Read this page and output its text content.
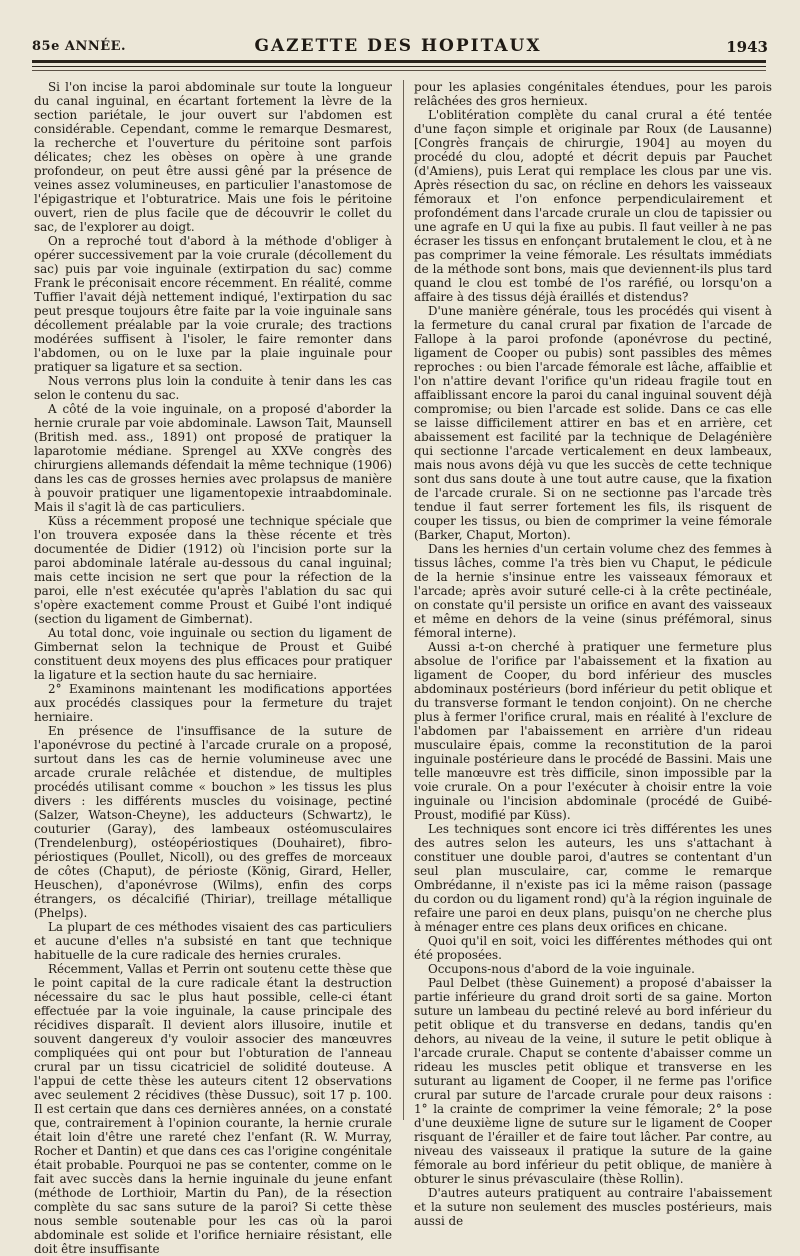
85e ANNÉE.	GAZETTE DES HOPITAUX	1943

Si l'on incise la paroi abdominale sur toute la longueur du canal inguinal, en écartant fortement la lèvre de la section pariétale, le jour ouvert sur l'abdomen est considérable. Cependant, comme le remarque Desmarest, la recherche et l'ouverture du péritoine sont parfois délicates; chez les obèses on opère à une grande profondeur, on peut être aussi gêné par la présence de veines assez volumineuses, en particulier l'anastomose de l'épigastrique et l'obturatrice. Mais une fois le péritoine ouvert, rien de plus facile que de découvrir le collet du sac, de l'explorer au doigt.

On a reproché tout d'abord à la méthode d'obliger à opérer successivement par la voie crurale (décollement du sac) puis par voie inguinale (extirpation du sac) comme Frank le préconisait encore récemment. En réalité, comme Tuffier l'avait déjà nettement indiqué, l'extirpation du sac peut presque toujours être faite par la voie inguinale sans décollement préalable par la voie crurale; des tractions modérées suffisent à l'isoler, le faire remonter dans l'abdomen, ou on le luxe par la plaie inguinale pour pratiquer sa ligature et sa section.

Nous verrons plus loin la conduite à tenir dans les cas selon le contenu du sac.

A côté de la voie inguinale, on a proposé d'aborder la hernie crurale par voie abdominale. Lawson Tait, Maunsell (British med. ass., 1891) ont proposé de pratiquer la laparotomie médiane. Sprengel au XXVe congrès des chirurgiens allemands défendait la même technique (1906) dans les cas de grosses hernies avec prolapsus de manière à pouvoir pratiquer une ligamentopexie intraabdominale. Mais il s'agit là de cas particuliers.

Küss a récemment proposé une technique spéciale que l'on trouvera exposée dans la thèse récente et très documentée de Didier (1912) où l'incision porte sur la paroi abdominale latérale au-dessous du canal inguinal; mais cette incision ne sert que pour la réfection de la paroi, elle n'est exécutée qu'après l'ablation du sac qui s'opère exactement comme Proust et Guibé l'ont indiqué (section du ligament de Gimbernat).

Au total donc, voie inguinale ou section du ligament de Gimbernat selon la technique de Proust et Guibé constituent deux moyens des plus efficaces pour pratiquer la ligature et la section haute du sac herniaire.

2° Examinons maintenant les modifications apportées aux procédés classiques pour la fermeture du trajet herniaire.

En présence de l'insuffisance de la suture de l'aponévrose du pectiné à l'arcade crurale on a proposé, surtout dans les cas de hernie volumineuse avec une arcade crurale relâchée et distendue, de multiples procédés utilisant comme « bouchon » les tissus les plus divers : les différents muscles du voisinage, pectiné (Salzer, Watson-Cheyne), les adducteurs (Schwartz), le couturier (Garay), des lambeaux ostéomusculaires (Trendelenburg), ostéopériostiques (Douhairet), fibro-périostiques (Poullet, Nicoll), ou des greffes de morceaux de côtes (Chaput), de périoste (König, Girard, Heller, Heuschen), d'aponévrose (Wilms), enfin des corps étrangers, os décalcifié (Thiriar), treillage métallique (Phelps).

La plupart de ces méthodes visaient des cas particuliers et aucune d'elles n'a subsisté en tant que technique habituelle de la cure radicale des hernies crurales.

Récemment, Vallas et Perrin ont soutenu cette thèse que le point capital de la cure radicale étant la destruction nécessaire du sac le plus haut possible, celle-ci étant effectuée par la voie inguinale, la cause principale des récidives disparaît. Il devient alors illusoire, inutile et souvent dangereux d'y vouloir associer des manœuvres compliquées qui ont pour but l'obturation de l'anneau crural par un tissu cicatriciel de solidité douteuse. A l'appui de cette thèse les auteurs citent 12 observations avec seulement 2 récidives (thèse Dussuc), soit 17 p. 100. Il est certain que dans ces dernières années, on a constaté que, contrairement à l'opinion courante, la hernie crurale était loin d'être une rareté chez l'enfant (R. W. Murray, Rocher et Dantin) et que dans ces cas l'origine congénitale était probable. Pourquoi ne pas se contenter, comme on le fait avec succès dans la hernie inguinale du jeune enfant (méthode de Lorthioir, Martin du Pan), de la résection complète du sac sans suture de la paroi? Si cette thèse nous semble soutenable pour les cas où la paroi abdominale est solide et l'orifice herniaire résistant, elle doit être insuffisante

pour les aplasies congénitales étendues, pour les parois relâchées des gros hernieux.

L'oblitération complète du canal crural a été tentée d'une façon simple et originale par Roux (de Lausanne) [Congrès français de chirurgie, 1904] au moyen du procédé du clou, adopté et décrit depuis par Pauchet (d'Amiens), puis Lerat qui remplace les clous par une vis. Après résection du sac, on récline en dehors les vaisseaux fémoraux et l'on enfonce perpendiculairement et profondément dans l'arcade crurale un clou de tapissier ou une agrafe en U qui la fixe au pubis. Il faut veiller à ne pas écraser les tissus en enfonçant brutalement le clou, et à ne pas comprimer la veine fémorale. Les résultats immédiats de la méthode sont bons, mais que deviennent-ils plus tard quand le clou est tombé de l'os raréfié, ou lorsqu'on a affaire à des tissus déjà éraillés et distendus?

D'une manière générale, tous les procédés qui visent à la fermeture du canal crural par fixation de l'arcade de Fallope à la paroi profonde (aponévrose du pectiné, ligament de Cooper ou pubis) sont passibles des mêmes reproches : ou bien l'arcade fémorale est lâche, affaiblie et l'on n'attire devant l'orifice qu'un rideau fragile tout en affaiblissant encore la paroi du canal inguinal souvent déjà compromise; ou bien l'arcade est solide. Dans ce cas elle se laisse difficilement attirer en bas et en arrière, cet abaissement est facilité par la technique de Delagénière qui sectionne l'arcade verticalement en deux lambeaux, mais nous avons déjà vu que les succès de cette technique sont dus sans doute à une tout autre cause, que la fixation de l'arcade crurale. Si on ne sectionne pas l'arcade très tendue il faut serrer fortement les fils, ils risquent de couper les tissus, ou bien de comprimer la veine fémorale (Barker, Chaput, Morton).

Dans les hernies d'un certain volume chez des femmes à tissus lâches, comme l'a très bien vu Chaput, le pédicule de la hernie s'insinue entre les vaisseaux fémoraux et l'arcade; après avoir suturé celle-ci à la crête pectinéale, on constate qu'il persiste un orifice en avant des vaisseaux et même en dehors de la veine (sinus préfémoral, sinus fémoral interne).

Aussi a-t-on cherché à pratiquer une fermeture plus absolue de l'orifice par l'abaissement et la fixation au ligament de Cooper, du bord inférieur des muscles abdominaux postérieurs (bord inférieur du petit oblique et du transverse formant le tendon conjoint). On ne cherche plus à fermer l'orifice crural, mais en réalité à l'exclure de l'abdomen par l'abaissement en arrière d'un rideau musculaire épais, comme la reconstitution de la paroi inguinale postérieure dans le procédé de Bassini. Mais une telle manœuvre est très difficile, sinon impossible par la voie crurale. On a pour l'exécuter à choisir entre la voie inguinale ou l'incision abdominale (procédé de Guibé-Proust, modifié par Küss).

Les techniques sont encore ici très différentes les unes des autres selon les auteurs, les uns s'attachant à constituer une double paroi, d'autres se contentant d'un seul plan musculaire, car, comme le remarque Ombrédanne, il n'existe pas ici la même raison (passage du cordon ou du ligament rond) qu'à la région inguinale de refaire une paroi en deux plans, puisqu'on ne cherche plus à ménager entre ces plans deux orifices en chicane.

Quoi qu'il en soit, voici les différentes méthodes qui ont été proposées.

Occupons-nous d'abord de la voie inguinale.

Paul Delbet (thèse Guinement) a proposé d'abaisser la partie inférieure du grand droit sorti de sa gaine. Morton suture un lambeau du pectiné relevé au bord inférieur du petit oblique et du transverse en dedans, tandis qu'en dehors, au niveau de la veine, il suture le petit oblique à l'arcade crurale. Chaput se contente d'abaisser comme un rideau les muscles petit oblique et transverse en les suturant au ligament de Cooper, il ne ferme pas l'orifice crural par suture de l'arcade crurale pour deux raisons : 1° la crainte de comprimer la veine fémorale; 2° la pose d'une deuxième ligne de suture sur le ligament de Cooper risquant de l'érailler et de faire tout lâcher. Par contre, au niveau des vaisseaux il pratique la suture de la gaine fémorale au bord inférieur du petit oblique, de manière à obturer le sinus prévasculaire (thèse Rollin).

D'autres auteurs pratiquent au contraire l'abaissement et la suture non seulement des muscles postérieurs, mais aussi de
